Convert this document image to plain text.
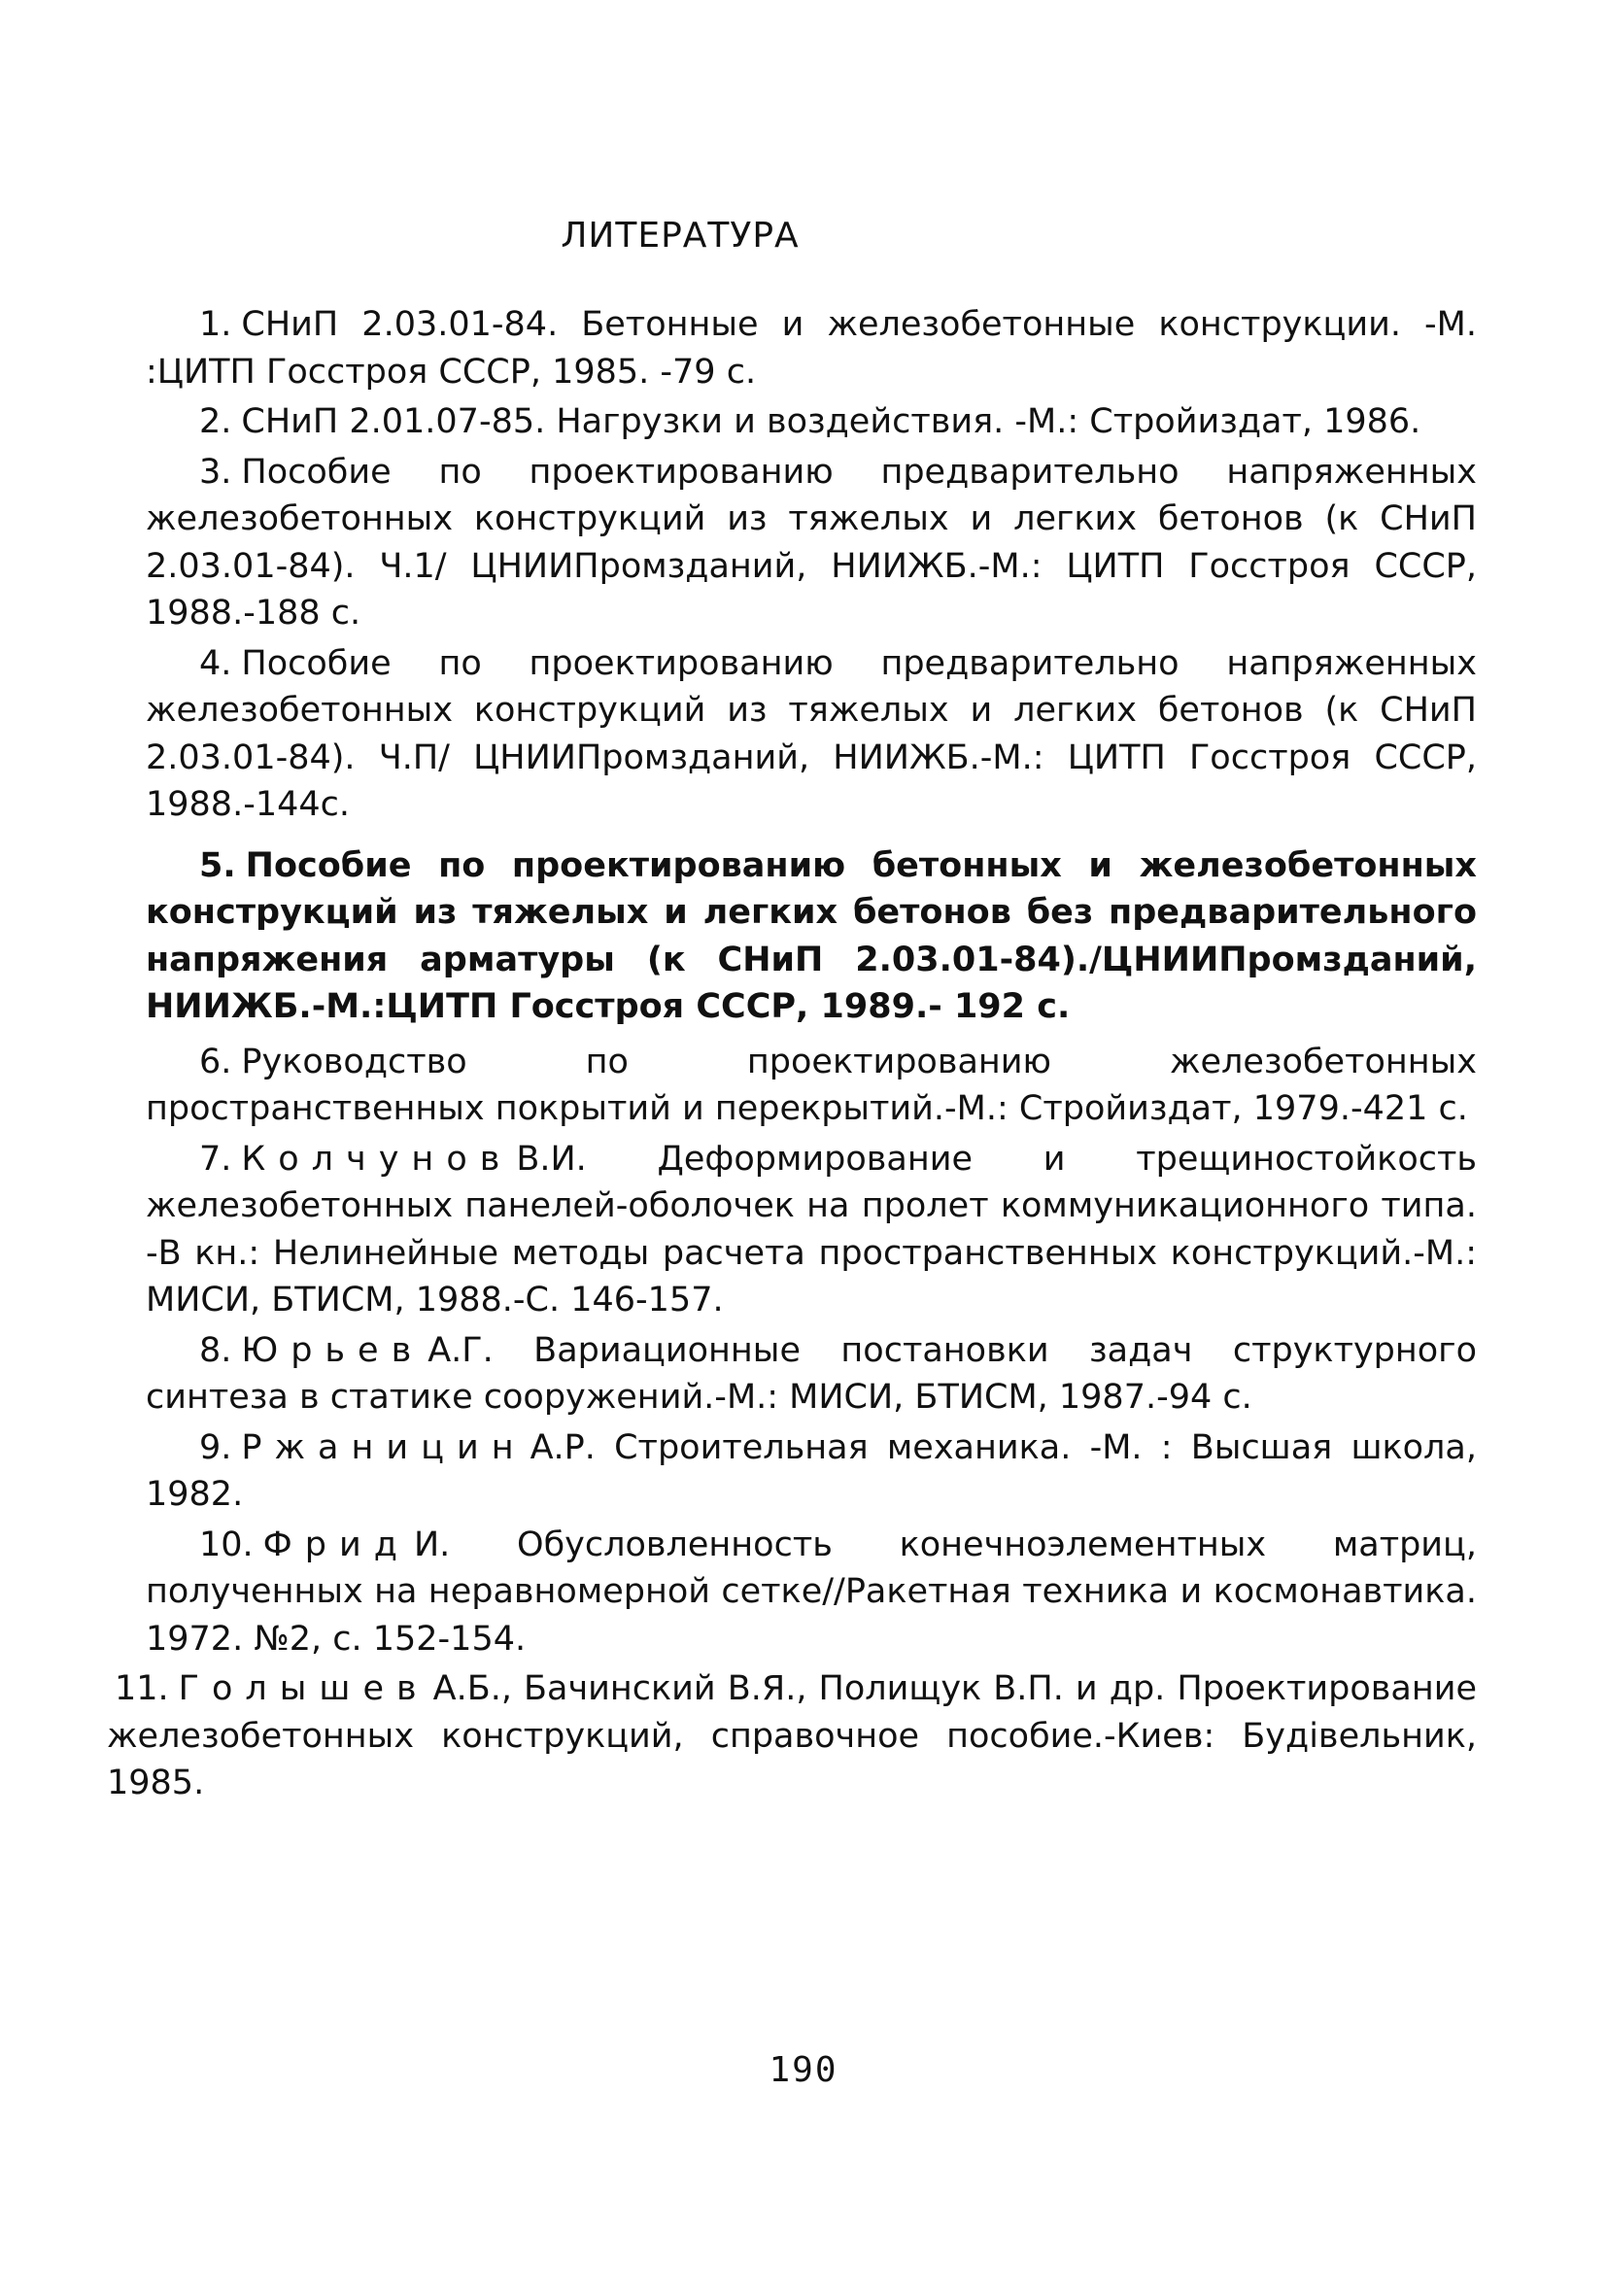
ЛИТЕРАТУРА

1. СНиП 2.03.01-84. Бетонные и железобетонные конструкции. -М. :ЦИТП Госстроя СССР, 1985. -79 с.

2. СНиП 2.01.07-85. Нагрузки и воздействия. -М.: Стройиздат, 1986.

3. Пособие по проектированию предварительно напряженных железобетонных конструкций из тяжелых и легких бетонов (к СНиП 2.03.01-84). Ч.1/ ЦНИИПромзданий, НИИЖБ.-М.: ЦИТП Госстроя СССР, 1988.-188 с.

4. Пособие по проектированию предварительно напряженных железобетонных конструкций из тяжелых и легких бетонов (к СНиП 2.03.01-84). Ч.П/ ЦНИИПромзданий, НИИЖБ.-М.: ЦИТП Госстроя СССР, 1988.-144с.

5. Пособие по проектированию бетонных и железобетонных конструкций из тяжелых и легких бетонов без предварительного напряжения арматуры (к СНиП 2.03.01-84)./ЦНИИПромзданий, НИИЖБ.-М.:ЦИТП Госстроя СССР, 1989.- 192 с.

6. Руководство по проектированию железобетонных пространственных покрытий и перекрытий.-М.: Стройиздат, 1979.-421 с.

7. Колчунов В.И. Деформирование и трещиностойкость железобетонных панелей-оболочек на пролет коммуникационного типа. -В кн.: Нелинейные методы расчета пространственных конструкций.-М.: МИСИ, БТИСМ, 1988.-С. 146-157.

8. Юрьев А.Г. Вариационные постановки задач структурного синтеза в статике сооружений.-М.: МИСИ, БТИСМ, 1987.-94 с.

9. Ржаницин А.Р. Строительная механика. -М. : Высшая школа, 1982.

10. Фрид И. Обусловленность конечноэлементных матриц, полученных на неравномерной сетке//Ракетная техника и космонавтика. 1972. №2, с. 152-154.

11. Голышев А.Б., Бачинский В.Я., Полищук В.П. и др. Проектирование железобетонных конструкций, справочное пособие.-Киев: Будiвельник, 1985.

190
